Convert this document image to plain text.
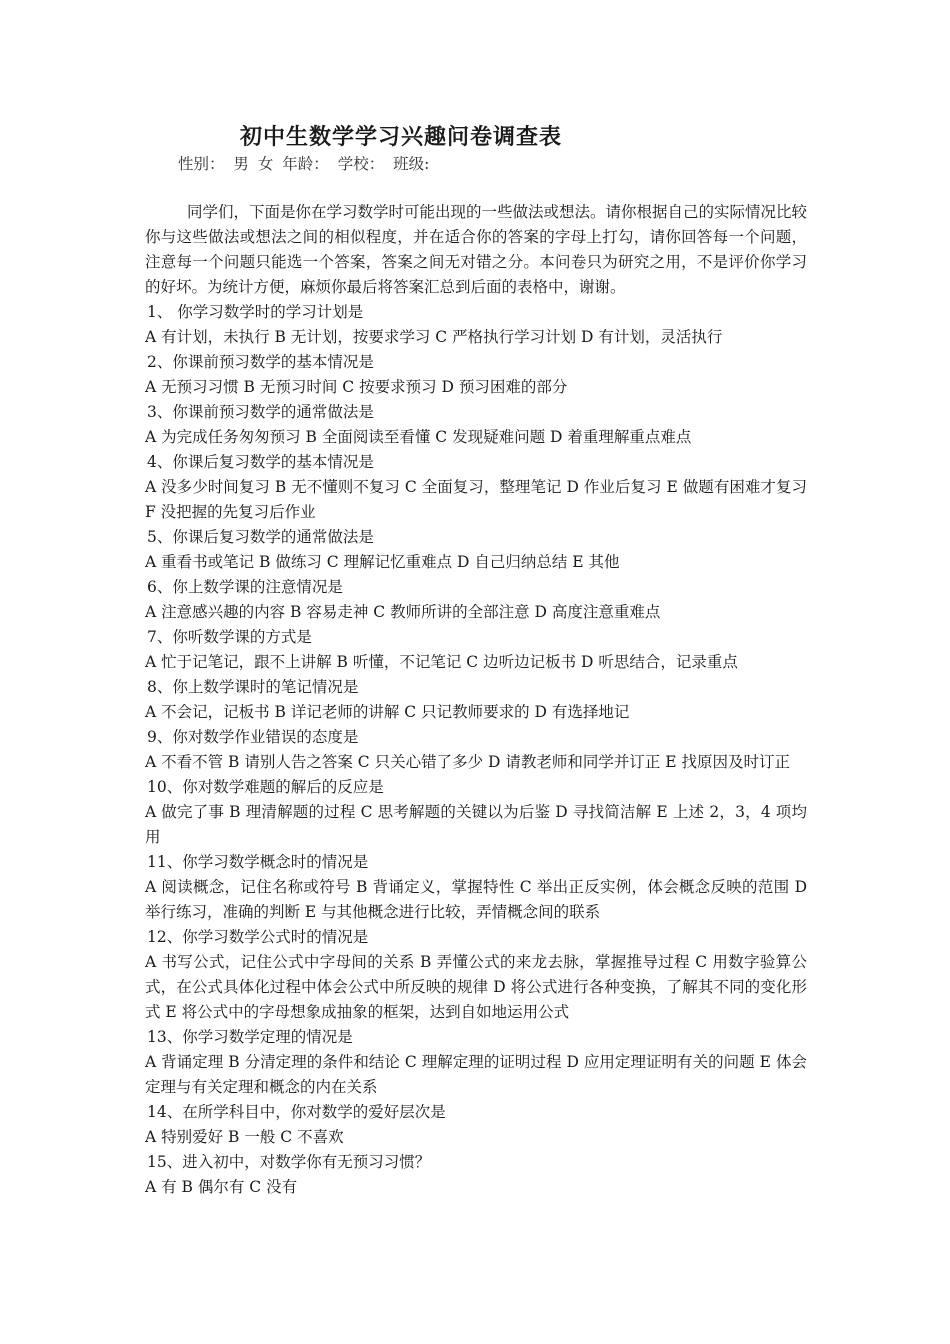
初中生数学学习兴趣问卷调查表
性别： 男 女 年龄： 学校： 班级:

同学们，下面是你在学习数学时可能出现的一些做法或想法。请你根据自己的实际情况比较你与这些做法或想法之间的相似程度，并在适合你的答案的字母上打勾，请你回答每一个问题，注意每一个问题只能选一个答案，答案之间无对错之分。本问卷只为研究之用，不是评价你学习的好坏。为统计方便，麻烦你最后将答案汇总到后面的表格中，谢谢。

1、 你学习数学时的学习计划是

A 有计划，未执行 B 无计划，按要求学习 C 严格执行学习计划 D 有计划，灵活执行

2、你课前预习数学的基本情况是

A 无预习习惯 B 无预习时间 C 按要求预习 D 预习困难的部分

3、你课前预习数学的通常做法是

A 为完成任务匆匆预习 B 全面阅读至看懂 C 发现疑难问题 D 着重理解重点难点

4、你课后复习数学的基本情况是

A 没多少时间复习 B 无不懂则不复习 C 全面复习，整理笔记 D 作业后复习 E 做题有困难才复习 F 没把握的先复习后作业

5、你课后复习数学的通常做法是

A 重看书或笔记 B 做练习 C 理解记忆重难点 D 自己归纳总结 E 其他

6、你上数学课的注意情况是

A 注意感兴趣的内容 B 容易走神 C 教师所讲的全部注意 D 高度注意重难点

7、你听数学课的方式是

A 忙于记笔记，跟不上讲解 B 听懂，不记笔记 C 边听边记板书 D 听思结合，记录重点

8、你上数学课时的笔记情况是

A 不会记，记板书 B 详记老师的讲解 C 只记教师要求的 D 有选择地记

9、你对数学作业错误的态度是

A 不看不管 B 请别人告之答案 C 只关心错了多少 D 请教老师和同学并订正 E 找原因及时订正

10、你对数学难题的解后的反应是

A 做完了事 B 理清解题的过程 C 思考解题的关键以为后鉴 D 寻找简洁解 E 上述 2，3，4 项均用

11、你学习数学概念时的情况是

A 阅读概念，记住名称或符号 B 背诵定义，掌握特性 C 举出正反实例，体会概念反映的范围 D 举行练习，准确的判断 E 与其他概念进行比较，弄情概念间的联系

12、你学习数学公式时的情况是

A 书写公式，记住公式中字母间的关系 B 弄懂公式的来龙去脉，掌握推导过程 C 用数字验算公式，在公式具体化过程中体会公式中所反映的规律 D 将公式进行各种变换，了解其不同的变化形式 E 将公式中的字母想象成抽象的框架，达到自如地运用公式

13、你学习数学定理的情况是

A 背诵定理 B 分清定理的条件和结论 C 理解定理的证明过程 D 应用定理证明有关的问题 E 体会定理与有关定理和概念的内在关系

14、在所学科目中，你对数学的爱好层次是

A 特别爱好 B 一般 C 不喜欢

15、进入初中，对数学你有无预习习惯？

A 有 B 偶尔有 C 没有
